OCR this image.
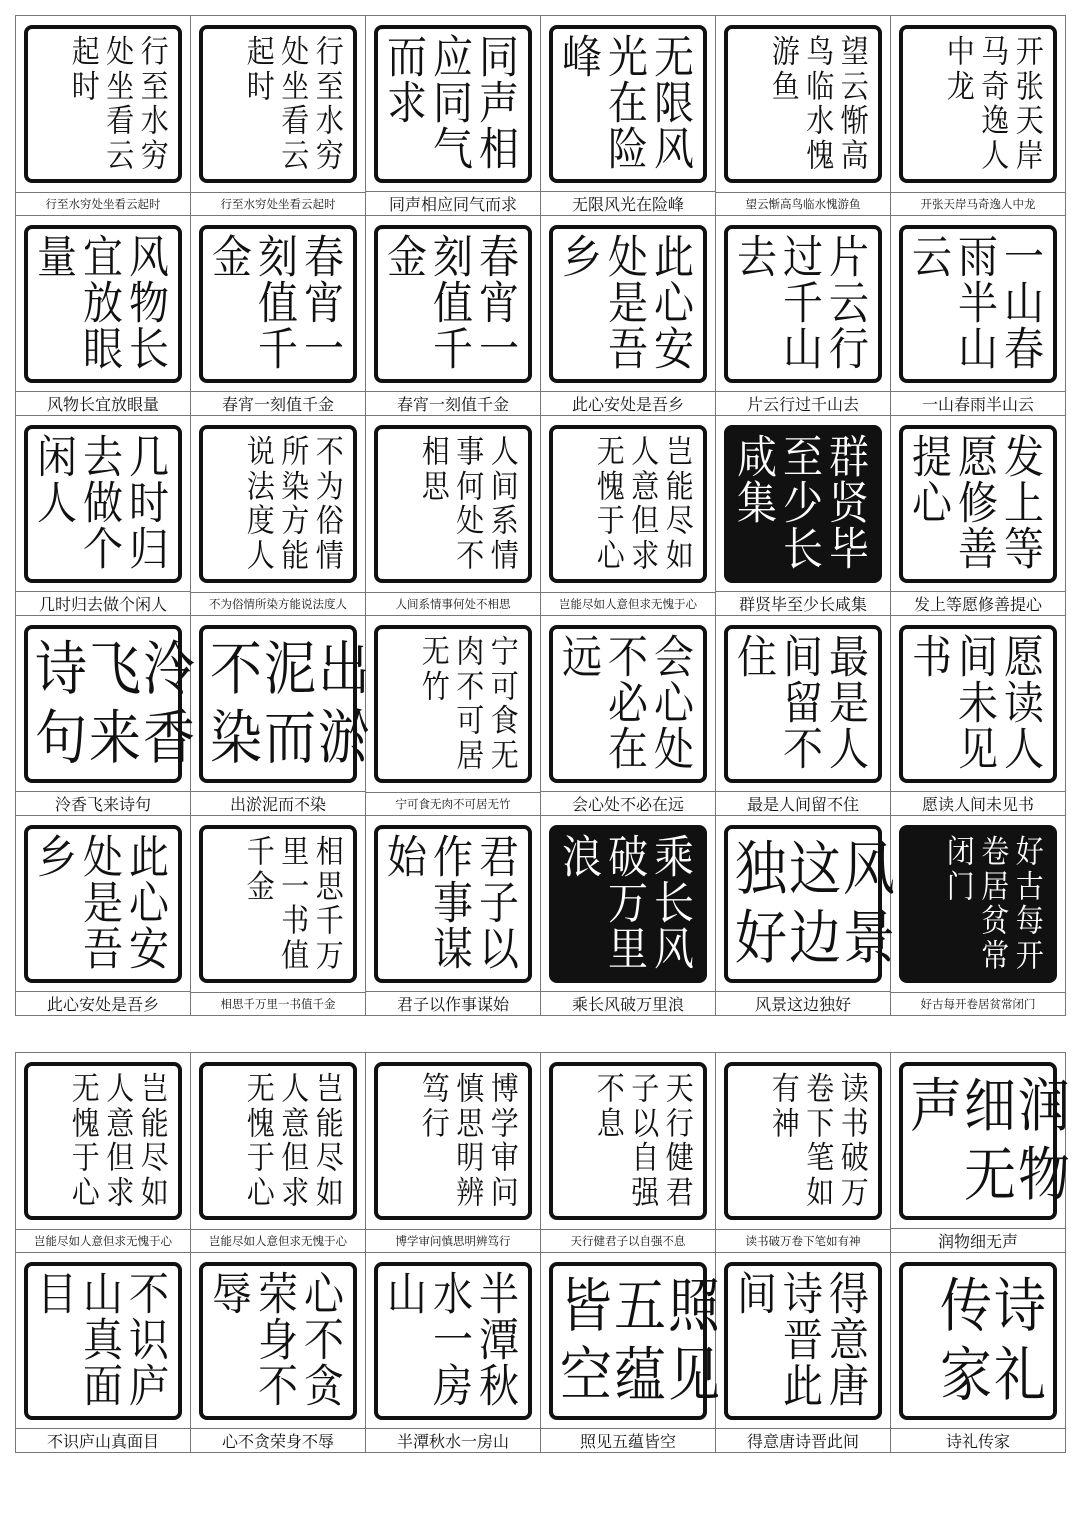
起 处 行
时 坐 至
看 水
云 穷
行至水穷处坐看云起时
起 处 行
时 坐 至
看 水
云 穷
行至水穷处坐看云起时
而 应 同
求 同 声
气 相
同声相应同气而求
峰 光 无
在 限
险 风
无限风光在险峰
游 鸟 望
鱼 临 云
水 惭
愧 高
望云惭高鸟临水愧游鱼
中 马 开
龙 奇 张
逸 天
人 岸
开张天岸马奇逸人中龙
量 宜 风
放 物
眼 长
风物长宜放眼量
金 刻 春
值 宵
千 一
春宵一刻值千金
金 刻 春
值 宵
千 一
春宵一刻值千金
乡 处 此
是 心
吾 安
此心安处是吾乡
去 过 片
千 云
山 行
片云行过千山去
云 雨 一
半 山
山 春
一山春雨半山云
闲 去 几
人 做 时
个 归
几时归去做个闲人
说 所 不
法 染 为
度 方 俗
人 能 情
不为俗情所染方能说法度人
相 事 人
思 何 间
处 系
不 情
人间系情事何处不相思
无 人 岂
愧 意 能
于 但 尽
心 求 如
岂能尽如人意但求无愧于心
咸 至 群
集 少 贤
长 毕
群贤毕至少长咸集
提 愿 发
心 修 上
善 等
发上等愿修善提心
诗 飞 泠
句 来 香
泠香飞来诗句
不 泥 出
染 而 淤
出淤泥而不染
无 肉 宁
竹 不 可
可 食
居 无
宁可食无肉不可居无竹
远 不 会
必 心
在 处
会心处不必在远
住 间 最
留 是
不 人
最是人间留不住
书 间 愿
未 读
见 人
愿读人间未见书
乡 处 此
是 心
吾 安
此心安处是吾乡
千 里 相
金 一 思
书 千
值 万
相思千万里一书值千金
始 作 君
事 子
谋 以
君子以作事谋始
浪 破 乘
万 长
里 风
乘长风破万里浪
独 这 风
好 边 景
风景这边独好
闭 卷 好
门 居 古
贫 每
常 开
好古每开卷居贫常闭门
无 人 岂
愧 意 能
于 但 尽
心 求 如
岂能尽如人意但求无愧于心
无 人 岂
愧 意 能
于 但 尽
心 求 如
岂能尽如人意但求无愧于心
笃 慎 博
行 思 学
明 审
辨 问
博学审问慎思明辨笃行
不 子 天
息 以 行
自 健
强 君
天行健君子以自强不息
有 卷 读
神 下 书
笔 破
如 万
读书破万卷下笔如有神
声 细 润
无 物
润物细无声
目 山 不
真 识
面 庐
不识庐山真面目
辱 荣 心
身 不
不 贪
心不贪荣身不辱
山 水 半
一 潭
房 秋
半潭秋水一房山
皆 五 照
空 蕴 见
照见五蕴皆空
间 诗 得
晋 意
此 唐
得意唐诗晋此间
传 诗
家 礼
诗礼传家
